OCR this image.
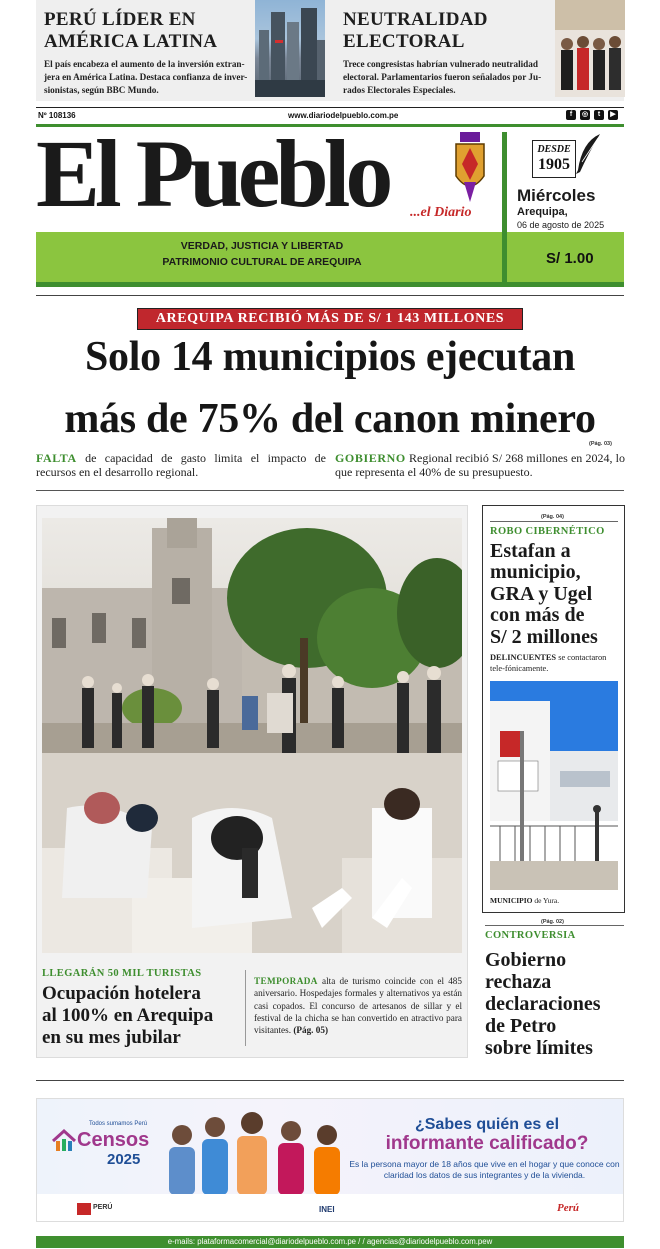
PERÚ LÍDER EN
AMÉRICA LATINA
El país encabeza el aumento de la inversión extran-
jera en América Latina. Destaca confianza de inver-
sionistas, según BBC Mundo.
NEUTRALIDAD
ELECTORAL
Trece congresistas habrían vulnerado neutralidad
electoral. Parlamentarios fueron señalados por Ju-
rados Electorales Especiales.
Nº 108136	www.diariodelpueblo.com.pe	f	◎	t	▶
El Pueblo ...el Diario
DESDE
1905
Miércoles
Arequipa,
06 de agosto de 2025
VERDAD, JUSTICIA Y LIBERTAD
PATRIMONIO CULTURAL DE AREQUIPA	S/ 1.00
AREQUIPA RECIBIÓ MÁS DE S/ 1 143 MILLONES
Solo 14 municipios ejecutan
más de 75% del canon minero
(Pág. 03)
FALTA de capacidad de gasto limita el impacto de recursos en el desarrollo regional.
GOBIERNO Regional recibió S/ 268 millones en 2024, lo que representa el 40% de su presupuesto.
LLEGARÁN 50 MIL TURISTAS
Ocupación hotelera
al 100% en Arequipa
en su mes jubilar
TEMPORADA alta de turismo coincide con el 485 aniversario. Hospedajes formales y alternativos ya están casi copados. El concurso de artesanos de sillar y el festival de la chicha se han convertido en atractivo para visitantes. (Pág. 05)
(Pág. 04)
ROBO CIBERNÉTICO
Estafan a
municipio,
GRA y Ugel
con más de
S/ 2 millones
DELINCUENTES se contactaron tele-fónicamente.
MUNICIPIO de Yura.
(Pág. 02)
CONTROVERSIA
Gobierno
rechaza
declaraciones
de Petro
sobre límites
Todos sumamos Perú
Censos
2025
¿Sabes quién es el
informante calificado?
Es la persona mayor de 18 años que vive en el hogar y que conoce con
claridad los datos de sus integrantes y de la vivienda.
PERÚ	INEI	Perú
e-mails: plataformacomercial@diariodelpueblo.com.pe / / agencias@diariodelpueblo.com.pew
